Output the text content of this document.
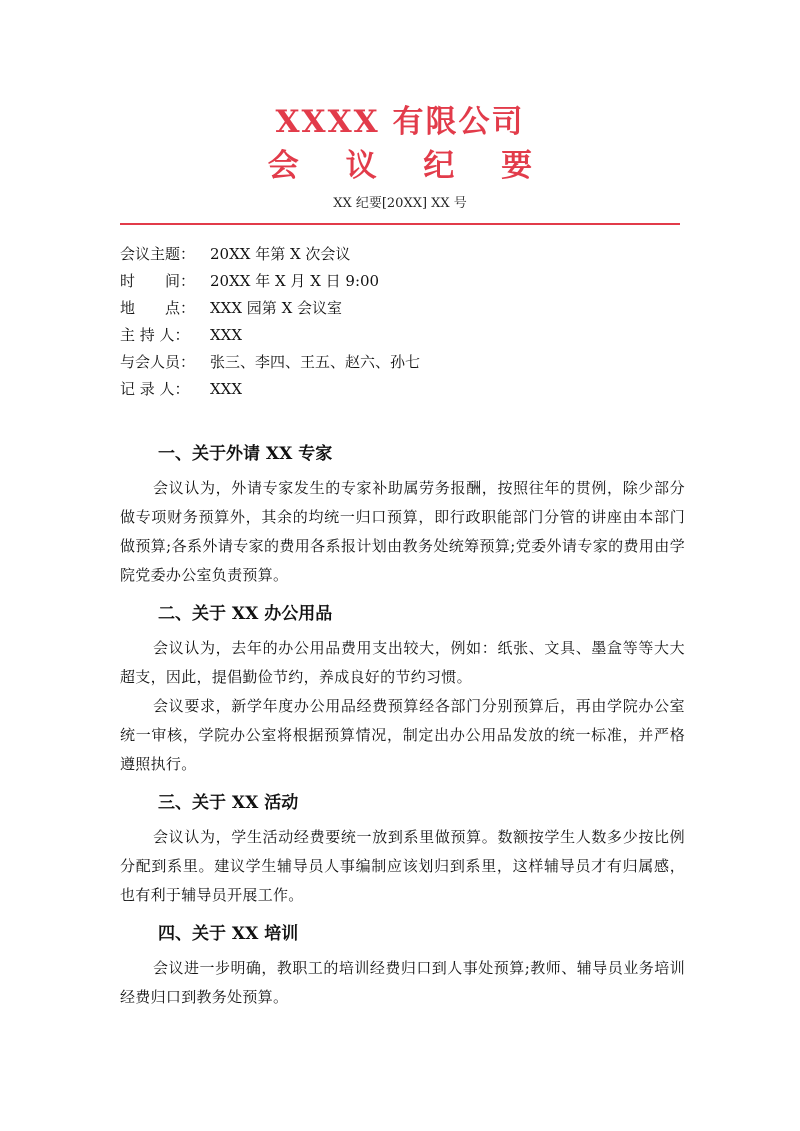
XXXX 有限公司
会 议 纪 要
XX 纪要[20XX] XX 号
会议主题： 20XX 年第 X 次会议
时　　间： 20XX 年 X 月 X 日 9:00
地　　点： XXX 园第 X 会议室
主 持 人：	XXX
与会人员： 张三、李四、王五、赵六、孙七
记 录 人：	XXX
一、关于外请 XX 专家

会议认为，外请专家发生的专家补助属劳务报酬，按照往年的贯例，除少部分做专项财务预算外，其余的均统一归口预算，即行政职能部门分管的讲座由本部门做预算;各系外请专家的费用各系报计划由教务处统筹预算;党委外请专家的费用由学院党委办公室负责预算。

二、关于 XX 办公用品

会议认为，去年的办公用品费用支出较大，例如：纸张、文具、墨盒等等大大超支，因此，提倡勤俭节约，养成良好的节约习惯。

会议要求，新学年度办公用品经费预算经各部门分别预算后，再由学院办公室统一审核，学院办公室将根据预算情况，制定出办公用品发放的统一标准，并严格遵照执行。

三、关于 XX 活动

会议认为，学生活动经费要统一放到系里做预算。数额按学生人数多少按比例分配到系里。建议学生辅导员人事编制应该划归到系里，这样辅导员才有归属感，也有利于辅导员开展工作。

四、关于 XX 培训

会议进一步明确，教职工的培训经费归口到人事处预算;教师、辅导员业务培训经费归口到教务处预算。
